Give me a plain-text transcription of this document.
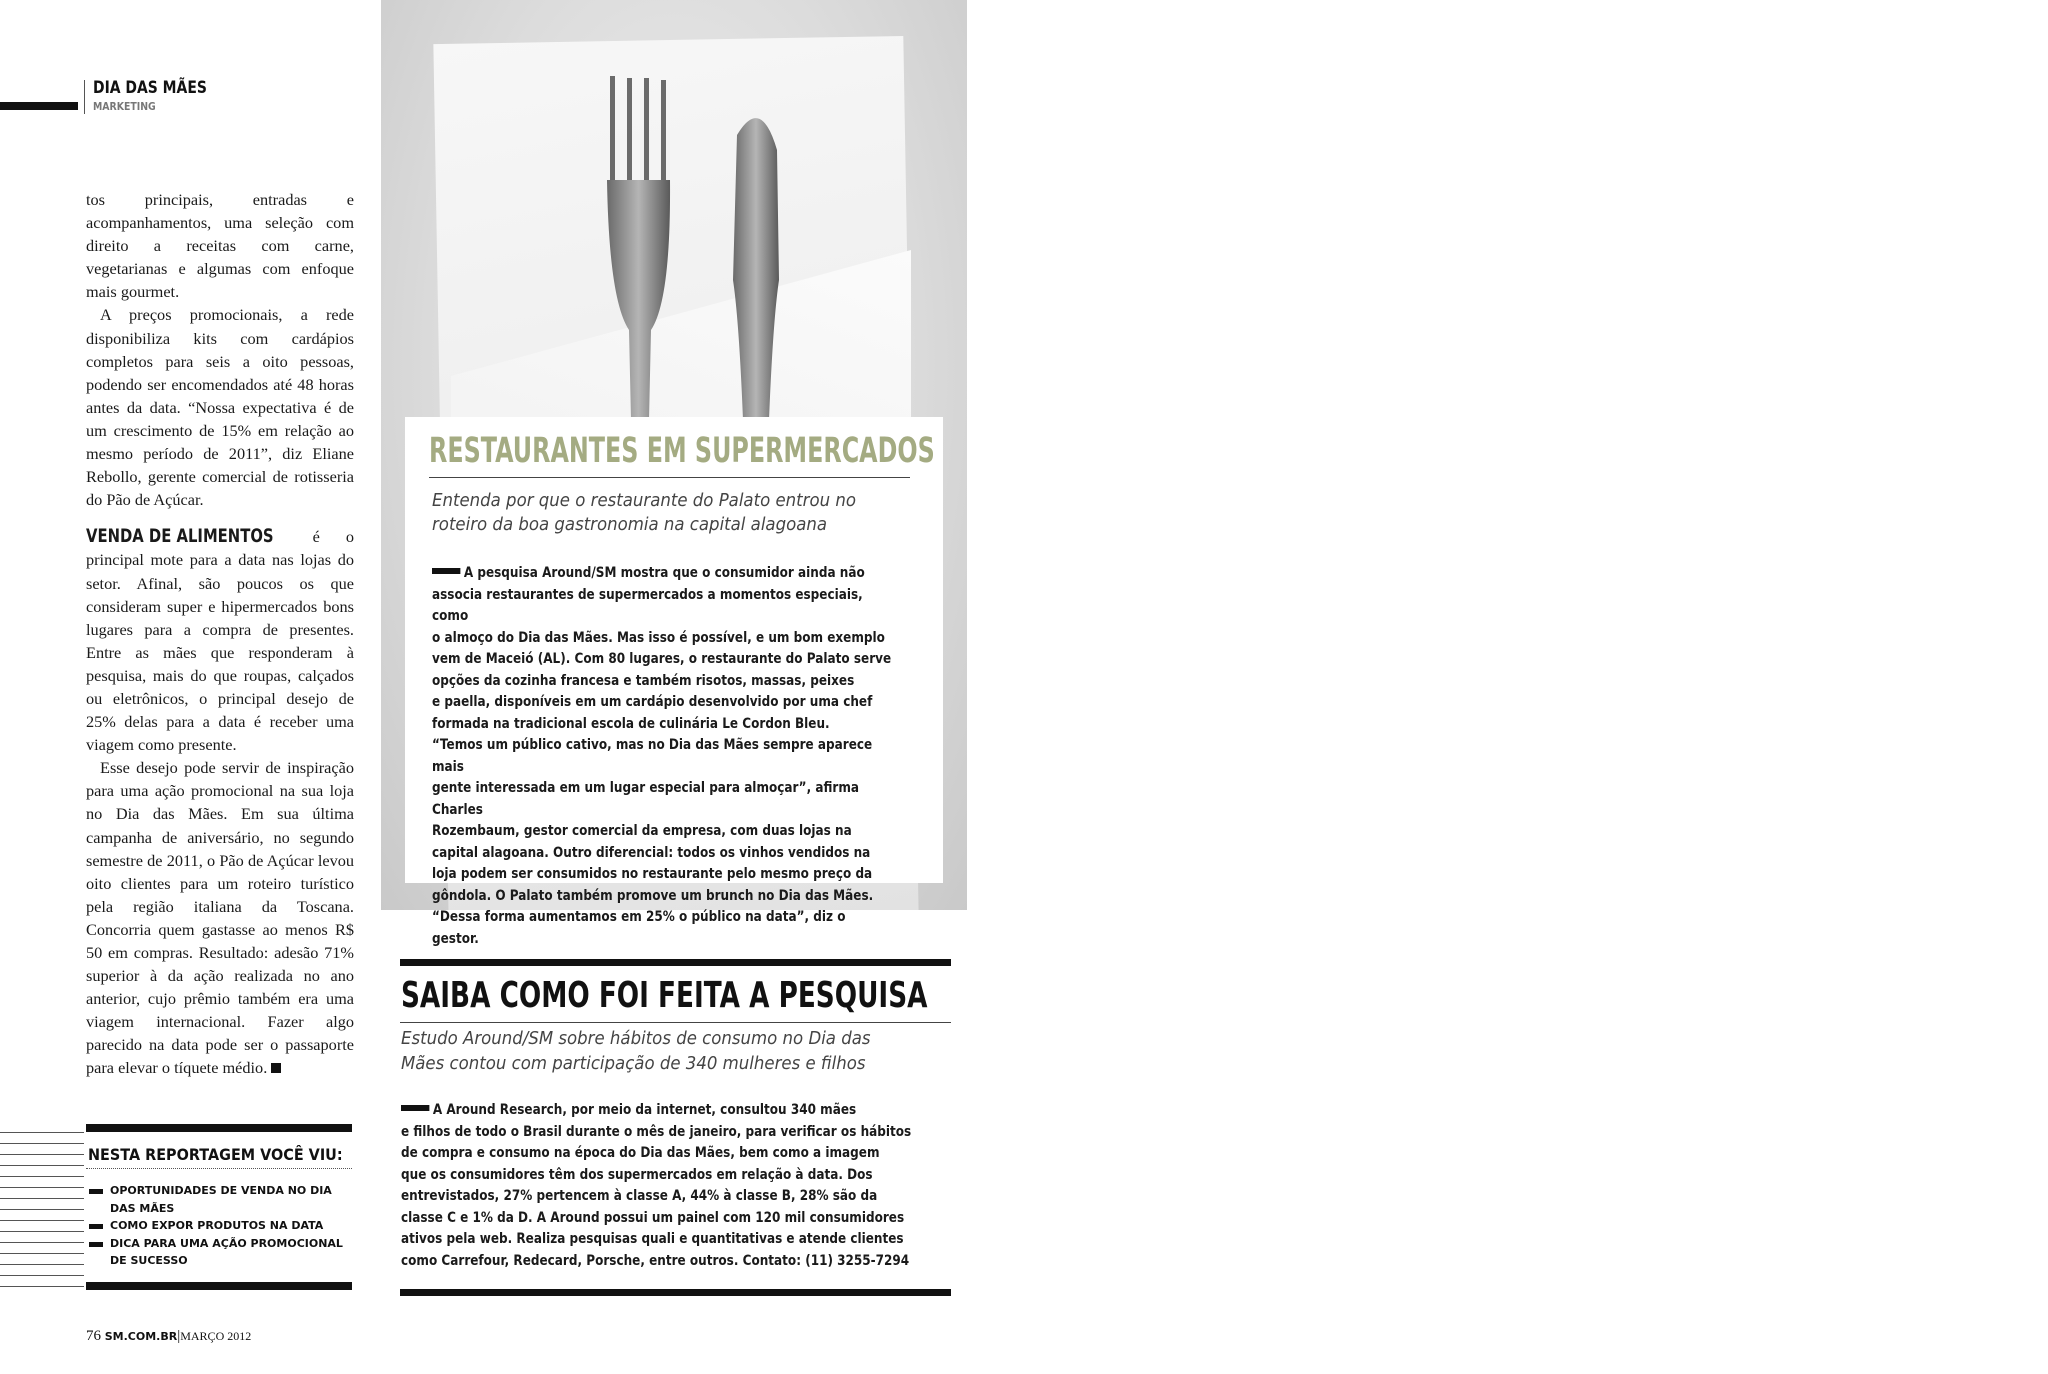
DIA DAS MÃES
MARKETING

tos principais, entradas e acompanhamentos, uma seleção com direito a receitas com carne, vegetarianas e algumas com enfoque mais gourmet.

A preços promocionais, a rede disponibiliza kits com cardápios completos para seis a oito pessoas, podendo ser encomendados até 48 horas antes da data. “Nossa expectativa é de um crescimento de 15% em relação ao mesmo período de 2011”, diz Eliane Rebollo, gerente comercial de rotisseria do Pão de Açúcar.

VENDA DE ALIMENTOS é o principal mote para a data nas lojas do setor. Afinal, são poucos os que consideram super e hipermercados bons lugares para a compra de presentes. Entre as mães que responderam à pesquisa, mais do que roupas, calçados ou eletrônicos, o principal desejo de 25% delas para a data é receber uma viagem como presente.

Esse desejo pode servir de inspiração para uma ação promocional na sua loja no Dia das Mães. Em sua última campanha de aniversário, no segundo semestre de 2011, o Pão de Açúcar levou oito clientes para um roteiro turístico pela região italiana da Toscana. Concorria quem gastasse ao menos R$ 50 em compras. Resultado: adesão 71% superior à da ação realizada no ano anterior, cujo prêmio também era uma viagem internacional. Fazer algo parecido na data pode ser o passaporte para elevar o tíquete médio.

NESTA REPORTAGEM VOCÊ VIU:
OPORTUNIDADES DE VENDA NO DIA DAS MÃES
COMO EXPOR PRODUTOS NA DATA
DICA PARA UMA AÇÃO PROMOCIONAL DE SUCESSO
76 SM.COM.BR|MARÇO 2012
RESTAURANTES EM SUPERMERCADOS
Entenda por que o restaurante do Palato entrou no roteiro da boa gastronomia na capital alagoana
A pesquisa Around/SM mostra que o consumidor ainda não
associa restaurantes de supermercados a momentos especiais, como
o almoço do Dia das Mães. Mas isso é possível, e um bom exemplo
vem de Maceió (AL). Com 80 lugares, o restaurante do Palato serve
opções da cozinha francesa e também risotos, massas, peixes
e paella, disponíveis em um cardápio desenvolvido por uma chef
formada na tradicional escola de culinária Le Cordon Bleu.
“Temos um público cativo, mas no Dia das Mães sempre aparece mais
gente interessada em um lugar especial para almoçar”, afirma Charles
Rozembaum, gestor comercial da empresa, com duas lojas na
capital alagoana. Outro diferencial: todos os vinhos vendidos na
loja podem ser consumidos no restaurante pelo mesmo preço da
gôndola. O Palato também promove um brunch no Dia das Mães.
“Dessa forma aumentamos em 25% o público na data”, diz o gestor.
SAIBA COMO FOI FEITA A PESQUISA
Estudo Around/SM sobre hábitos de consumo no Dia das Mães contou com participação de 340 mulheres e filhos
A Around Research, por meio da internet, consultou 340 mães
e filhos de todo o Brasil durante o mês de janeiro, para verificar os hábitos
de compra e consumo na época do Dia das Mães, bem como a imagem
que os consumidores têm dos supermercados em relação à data. Dos
entrevistados, 27% pertencem à classe A, 44% à classe B, 28% são da
classe C e 1% da D. A Around possui um painel com 120 mil consumidores
ativos pela web. Realiza pesquisas quali e quantitativas e atende clientes
como Carrefour, Redecard, Porsche, entre outros. Contato: (11) 3255-7294
